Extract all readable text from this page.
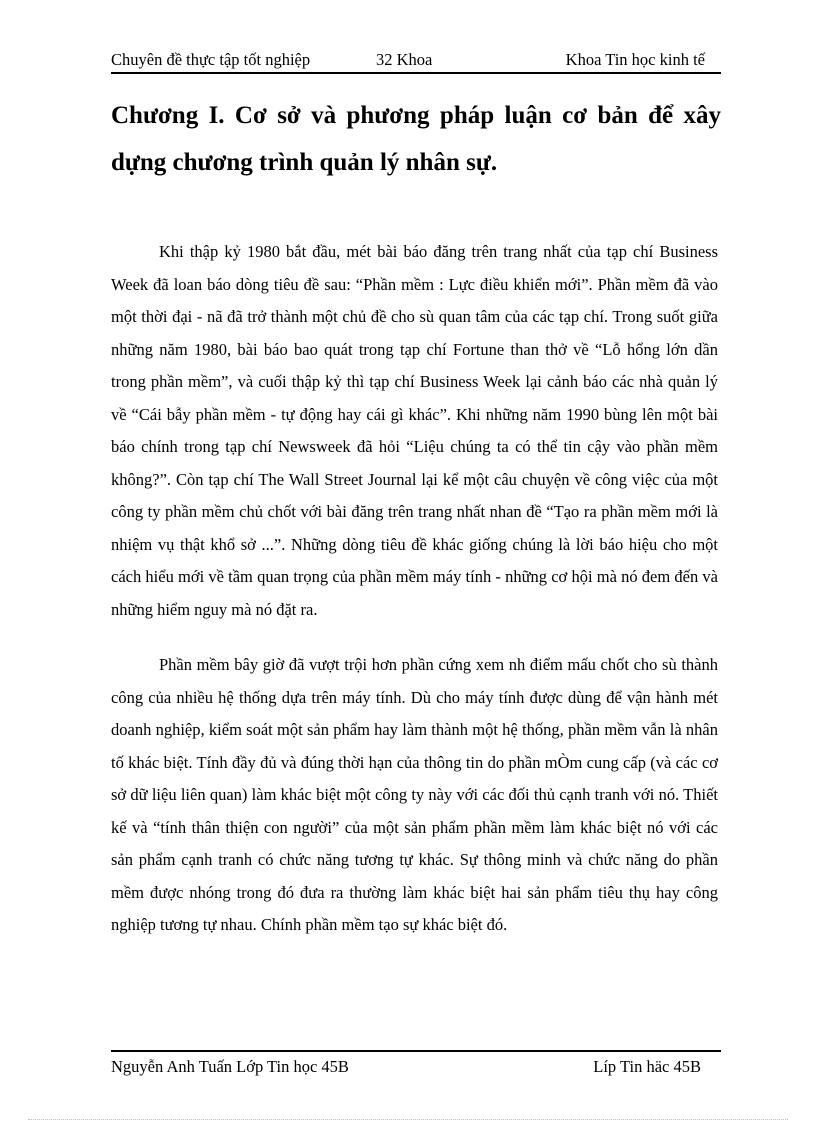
Chuyên đề thực tập tốt nghiệp	32 Khoa	Khoa Tin học kinh tế
Chương I. Cơ sở và phương pháp luận cơ bản để xây dựng chương trình quản lý nhân sự.

Khi thập kỷ 1980 bắt đầu, mét bài báo đăng trên trang nhất của tạp chí Business Week đã loan báo dòng tiêu đề sau: “Phần mềm : Lực điều khiển mới”. Phần mềm đã vào một thời đại - nã đã trở thành một chủ đề cho sù quan tâm của các tạp chí. Trong suốt giữa những năm 1980, bài báo bao quát trong tạp chí Fortune than thở về “Lỗ hổng lớn dần trong phần mềm”, và cuối thập kỷ thì tạp chí Business Week lại cảnh báo các nhà quản lý về “Cái bẫy phần mềm - tự động hay cái gì khác”. Khi những năm 1990 bùng lên một bài báo chính trong tạp chí Newsweek đã hỏi “Liệu chúng ta có thể tin cậy vào phần mềm không?”. Còn tạp chí The Wall Street Journal lại kể một câu chuyện về công việc của một công ty phần mềm chủ chốt với bài đăng trên trang nhất nhan đề “Tạo ra phần mềm mới là nhiệm vụ thật khổ sở ...”. Những dòng tiêu đề khác giống chúng là lời báo hiệu cho một cách hiểu mới về tầm quan trọng của phần mềm máy tính - những cơ hội mà nó đem đến và những hiểm nguy mà nó đặt ra.

Phần mềm bây giờ đã vượt trội hơn phần cứng xem nh điểm mấu chốt cho sù thành công của nhiều hệ thống dựa trên máy tính. Dù cho máy tính được dùng để vận hành mét doanh nghiệp, kiểm soát một sản phẩm hay làm thành một hệ thống, phần mềm vẫn là nhân tố khác biệt. Tính đầy đủ và đúng thời hạn của thông tin do phần mÒm cung cấp (và các cơ sở dữ liệu liên quan) làm khác biệt một công ty này với các đối thủ cạnh tranh với nó. Thiết kế và “tính thân thiện con người” của một sản phẩm phần mềm làm khác biệt nó với các sản phẩm cạnh tranh có chức năng tương tự khác. Sự thông minh và chức năng do phần mềm được nhóng trong đó đưa ra thường làm khác biệt hai sản phẩm tiêu thụ hay công nghiệp tương tự nhau. Chính phần mềm tạo sự khác biệt đó.

Nguyễn Anh Tuấn Lớp Tin học 45B	Líp Tin häc 45B
